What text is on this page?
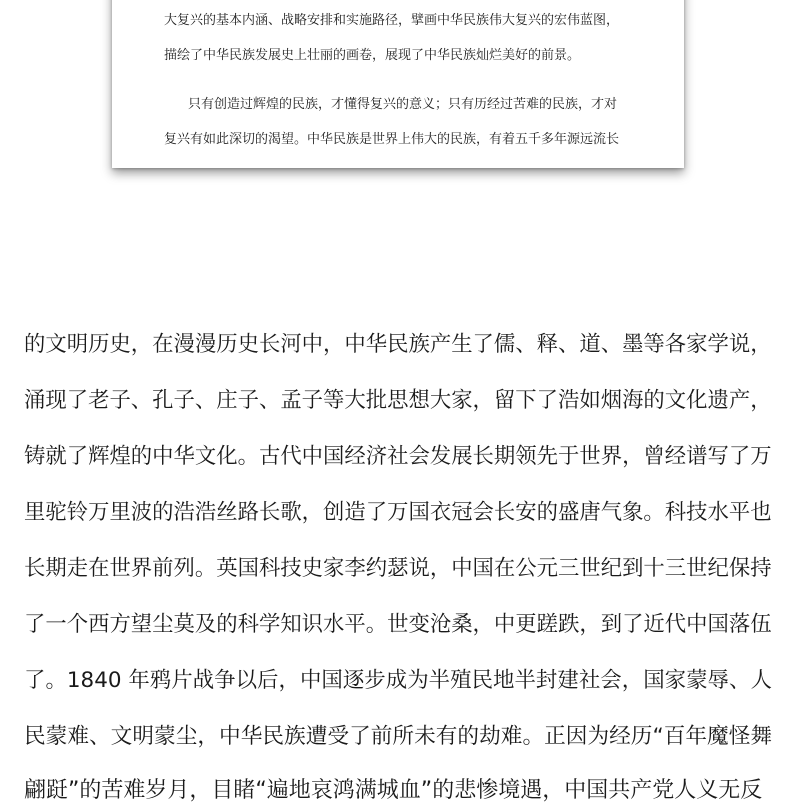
大复兴的基本内涵、战略安排和实施路径，擘画中华民族伟大复兴的宏伟蓝图，
描绘了中华民族发展史上壮丽的画卷，展现了中华民族灿烂美好的前景。
只有创造过辉煌的民族，才懂得复兴的意义；只有历经过苦难的民族，才对
复兴有如此深切的渴望。中华民族是世界上伟大的民族，有着五千多年源远流长
的文明历史，在漫漫历史长河中，中华民族产生了儒、释、道、墨等各家学说，
涌现了老子、孔子、庄子、孟子等大批思想大家，留下了浩如烟海的文化遗产，
铸就了辉煌的中华文化。古代中国经济社会发展长期领先于世界，曾经谱写了万
里驼铃万里波的浩浩丝路长歌，创造了万国衣冠会长安的盛唐气象。科技水平也
长期走在世界前列。英国科技史家李约瑟说，中国在公元三世纪到十三世纪保持
了一个西方望尘莫及的科学知识水平。世变沧桑，中更蹉跌，到了近代中国落伍
了。1840 年鸦片战争以后，中国逐步成为半殖民地半封建社会，国家蒙辱、人
民蒙难、文明蒙尘，中华民族遭受了前所未有的劫难。正因为经历“百年魔怪舞
翩跹”的苦难岁月，目睹“遍地哀鸿满城血”的悲惨境遇，中国共产党人义无反
